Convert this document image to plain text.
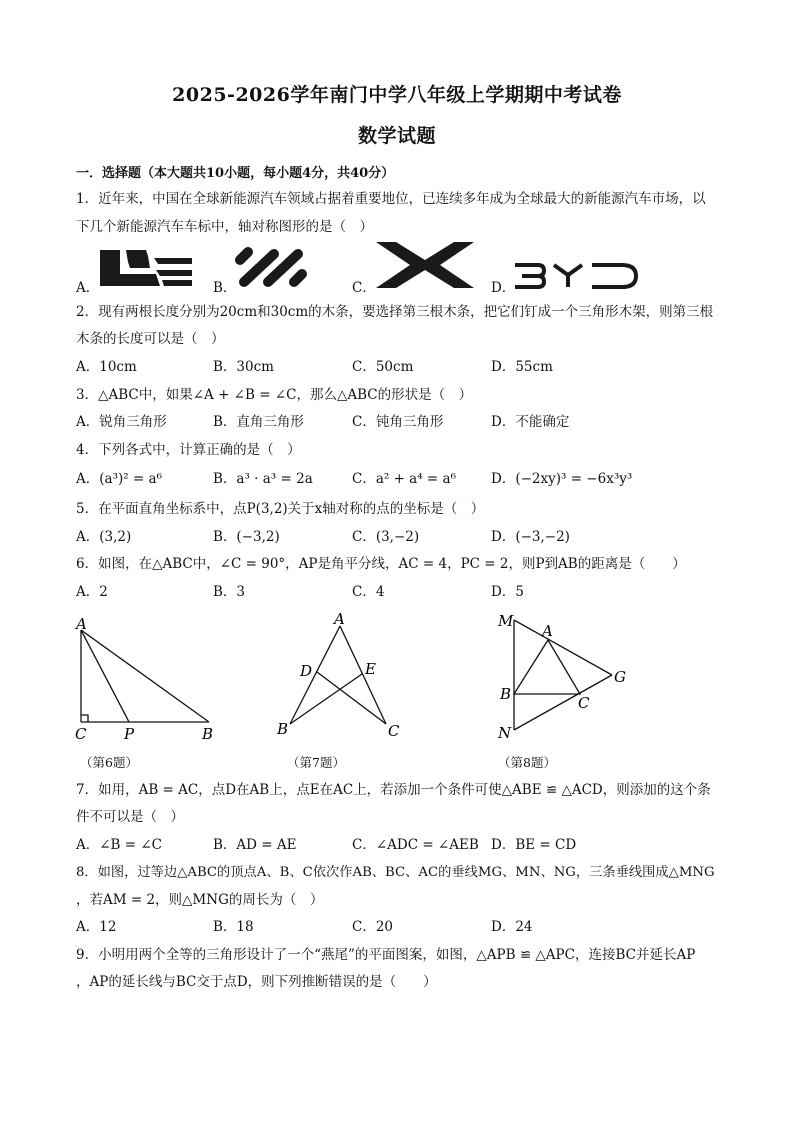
2025-2026学年南门中学八年级上学期期中考试卷
数学试题
一．选择题（本大题共10小题，每小题4分，共40分）
1．近年来，中国在全球新能源汽车领域占据着重要地位，已连续多年成为全球最大的新能源汽车市场，以
下几个新能源汽车车标中，轴对称图形的是（　）
A．	B．	C．	D．
BYD
2．现有两根长度分别为20cm和30cm的木条，要选择第三根木条，把它们钉成一个三角形木架，则第三根
木条的长度可以是（　）
A．10cm	B．30cm	C．50cm	D．55cm
3．△ABC中，如果∠A + ∠B = ∠C，那么△ABC的形状是（　）
A．锐角三角形	B．直角三角形	C．钝角三角形	D．不能确定
4．下列各式中，计算正确的是（　）
A．(a³)² = a⁶	B．a³ · a³ = 2a	C．a² + a⁴ = a⁶	D．(−2xy)³ = −6x³y³
5．在平面直角坐标系中，点P(3,2)关于x轴对称的点的坐标是（　）
A．(3,2)	B．(−3,2)	C．(3,−2)	D．(−3,−2)
6．如图，在△ABC中，∠C = 90°，AP是角平分线，AC = 4，PC = 2，则P到AB的距离是（　　）
A．2	B．3	C．4	D．5
A
C	P	B
（第6题）
A
D	E
B	C
（第7题）
M
A
G
B	C
N
（第8题）
7．如用，AB = AC，点D在AB上，点E在AC上，若添加一个条件可使△ABE ≌ △ACD，则添加的这个条
件不可以是（　）
A．∠B = ∠C	B．AD = AE	C．∠ADC = ∠AEB D．BE = CD
8．如图，过等边△ABC的顶点A、B、C依次作AB、BC、AC的垂线MG、MN、NG，三条垂线围成△MNG
，若AM = 2，则△MNG的周长为（　）
A．12	B．18	C．20	D．24
9．小明用两个全等的三角形设计了一个“燕尾”的平面图案，如图，△APB ≌ △APC，连接BC并延长AP
，AP的延长线与BC交于点D，则下列推断错误的是（　　）
